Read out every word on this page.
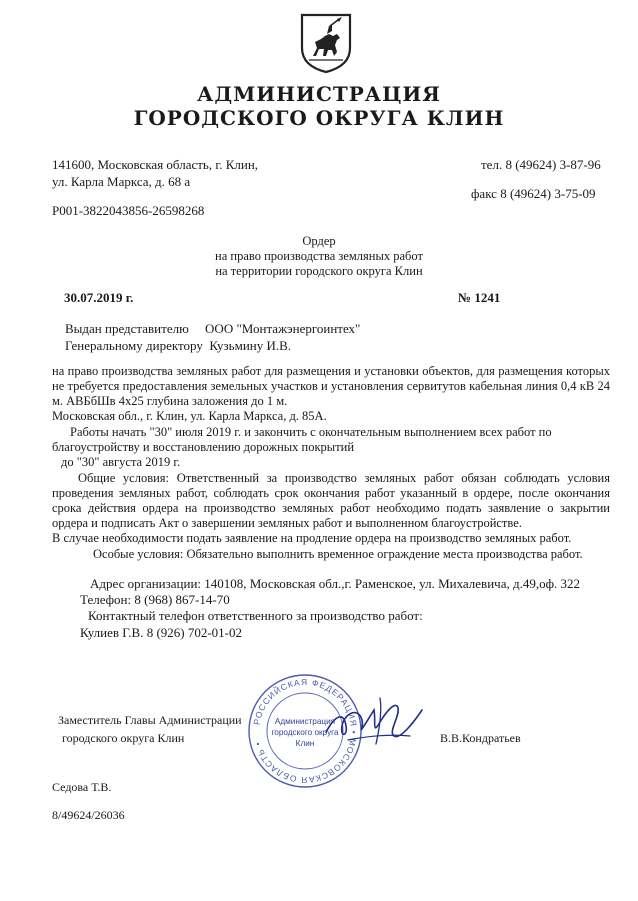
АДМИНИСТРАЦИЯ
ГОРОДСКОГО ОКРУГА КЛИН
141600, Московская область, г. Клин,
ул. Карла Маркса, д. 68 а
тел. 8 (49624) 3-87-96
факс 8 (49624) 3-75-09
Р001-3822043856-26598268
Ордер
на право производства земляных работ
на территории городского округа Клин
30.07.2019 г.	№ 1241
Выдан представителю     ООО "Монтажэнергоинтех"
Генеральному директору  Кузьмину И.В.
на право производства земляных работ для размещения и установки объектов, для размещения которых не требуется предоставления земельных участков и установления сервитутов кабельная линия 0,4 кВ 24 м. АВБбШв 4х25 глубина заложения до 1 м.
Московская обл., г. Клин, ул. Карла Маркса, д. 85А.
Работы начать "30" июля 2019 г. и закончить с окончательным выполнением всех работ по
благоустройству и восстановлению дорожных покрытий
до "30" августа 2019 г.
Общие условия: Ответственный за производство земляных работ обязан соблюдать условия проведения земляных работ, соблюдать срок окончания работ указанный в ордере, после окончания срока действия ордера на производство земляных работ необходимо подать заявление о закрытии ордера и подписать Акт о завершении земляных работ и выполненном благоустройстве.
В случае необходимости подать заявление на продление ордера на производство земляных работ.
Особые условия: Обязательно выполнить временное ограждение места производства работ.
Адрес организации: 140108, Московская обл.,г. Раменское, ул. Михалевича, д.49,оф. 322
Телефон: 8 (968) 867-14-70
Контактный телефон ответственного за производство работ:
Кулиев Г.В. 8 (926) 702-01-02
Заместитель Главы Администрации
городского округа Клин	В.В.Кондратьев
РОССИЙСКАЯ ФЕДЕРАЦИЯ • МОСКОВСКАЯ ОБЛАСТЬ •
Администрация
городского округа
Клин
Седова Т.В.
8/49624/26036
